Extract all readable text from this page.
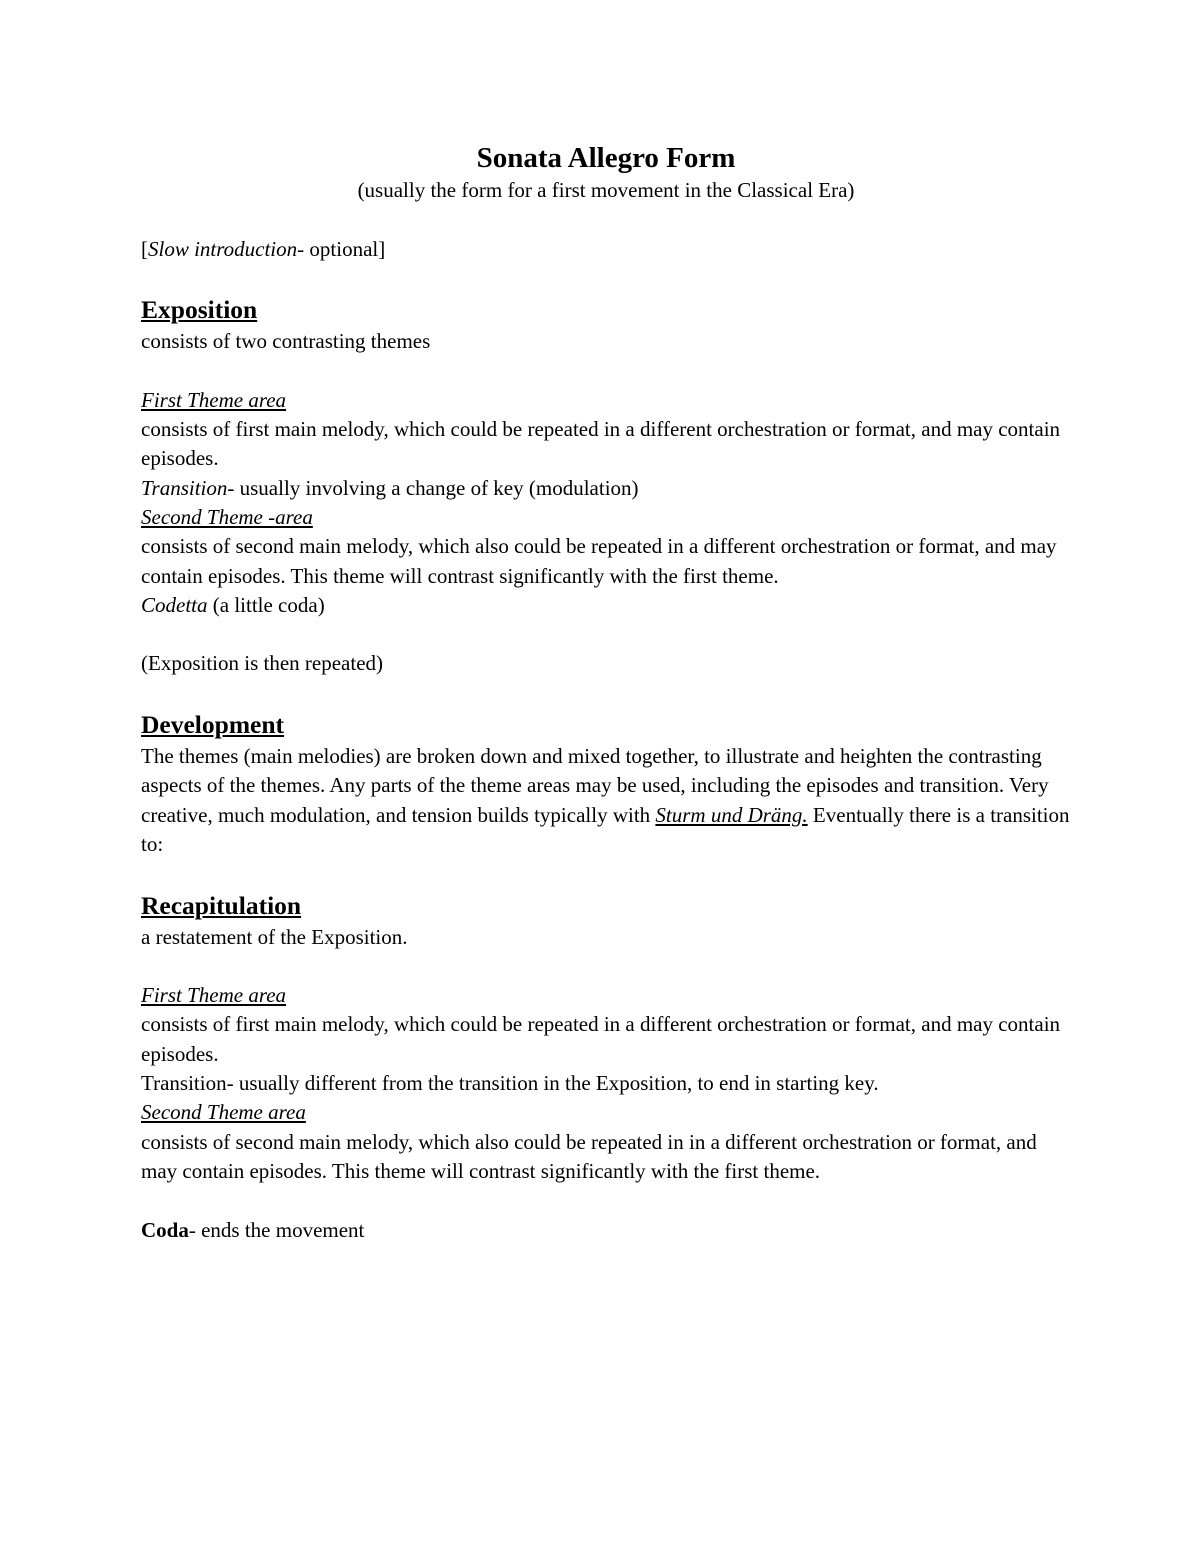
Sonata Allegro Form

(usually the form for a first movement in the Classical Era)

[Slow introduction- optional]

Exposition

consists of two contrasting themes

First Theme area

consists of first main melody, which could be repeated in a different orchestration or format, and may contain episodes.

Transition- usually involving a change of key (modulation)

Second Theme -area

consists of second main melody, which also could be repeated in a different orchestration or format, and may contain episodes. This theme will contrast significantly with the first theme.

Codetta (a little coda)

(Exposition is then repeated)

Development

The themes (main melodies) are broken down and mixed together, to illustrate and heighten the contrasting aspects of the themes. Any parts of the theme areas may be used, including the episodes and transition. Very creative, much modulation, and tension builds typically with Sturm und Dräng. Eventually there is a transition to:

Recapitulation

a restatement of the Exposition.

First Theme area

consists of first main melody, which could be repeated in a different orchestration or format, and may contain episodes.

Transition- usually different from the transition in the Exposition, to end in starting key.

Second Theme area

consists of second main melody, which also could be repeated in in a different orchestration or format, and may contain episodes. This theme will contrast significantly with the first theme.

Coda- ends the movement
